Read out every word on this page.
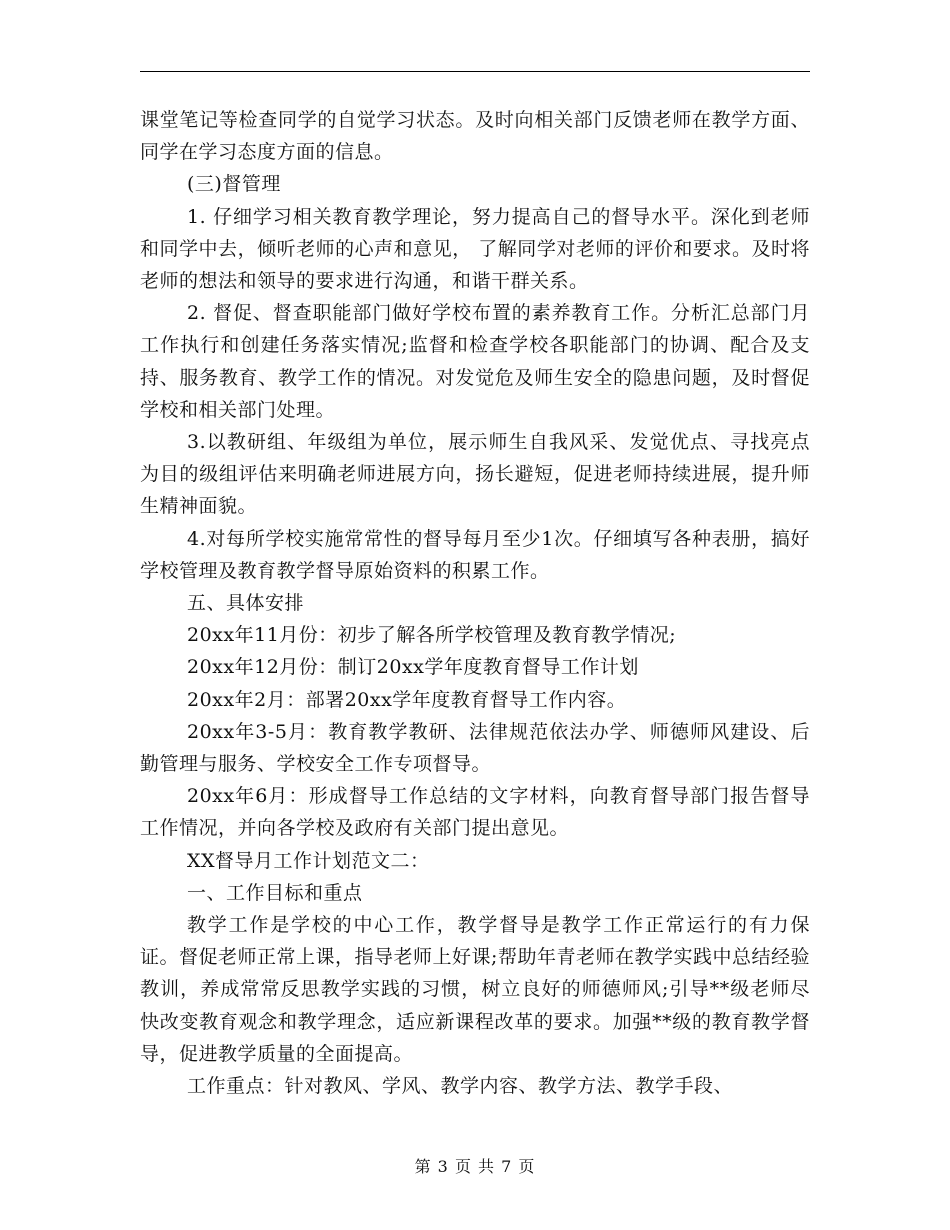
课堂笔记等检查同学的自觉学习状态。及时向相关部门反馈老师在教学方面、同学在学习态度方面的信息。

(三)督管理

1. 仔细学习相关教育教学理论，努力提高自己的督导水平。深化到老师和同学中去，倾听老师的心声和意见， 了解同学对老师的评价和要求。及时将老师的想法和领导的要求进行沟通，和谐干群关系。

2. 督促、督查职能部门做好学校布置的素养教育工作。分析汇总部门月工作执行和创建任务落实情况;监督和检查学校各职能部门的协调、配合及支持、服务教育、教学工作的情况。对发觉危及师生安全的隐患问题，及时督促学校和相关部门处理。

3.以教研组、年级组为单位，展示师生自我风采、发觉优点、寻找亮点为目的级组评估来明确老师进展方向，扬长避短，促进老师持续进展，提升师生精神面貌。

4.对每所学校实施常常性的督导每月至少1次。仔细填写各种表册，搞好学校管理及教育教学督导原始资料的积累工作。

五、具体安排

20xx年11月份：初步了解各所学校管理及教育教学情况;

20xx年12月份：制订20xx学年度教育督导工作计划

20xx年2月：部署20xx学年度教育督导工作内容。

20xx年3-5月：教育教学教研、法律规范依法办学、师德师风建设、后勤管理与服务、学校安全工作专项督导。

20xx年6月：形成督导工作总结的文字材料，向教育督导部门报告督导工作情况，并向各学校及政府有关部门提出意见。

XX督导月工作计划范文二：

一、工作目标和重点

教学工作是学校的中心工作，教学督导是教学工作正常运行的有力保证。督促老师正常上课，指导老师上好课;帮助年青老师在教学实践中总结经验教训，养成常常反思教学实践的习惯，树立良好的师德师风;引导**级老师尽快改变教育观念和教学理念，适应新课程改革的要求。加强**级的教育教学督导，促进教学质量的全面提高。

工作重点：针对教风、学风、教学内容、教学方法、教学手段、

第 3 页 共 7 页
